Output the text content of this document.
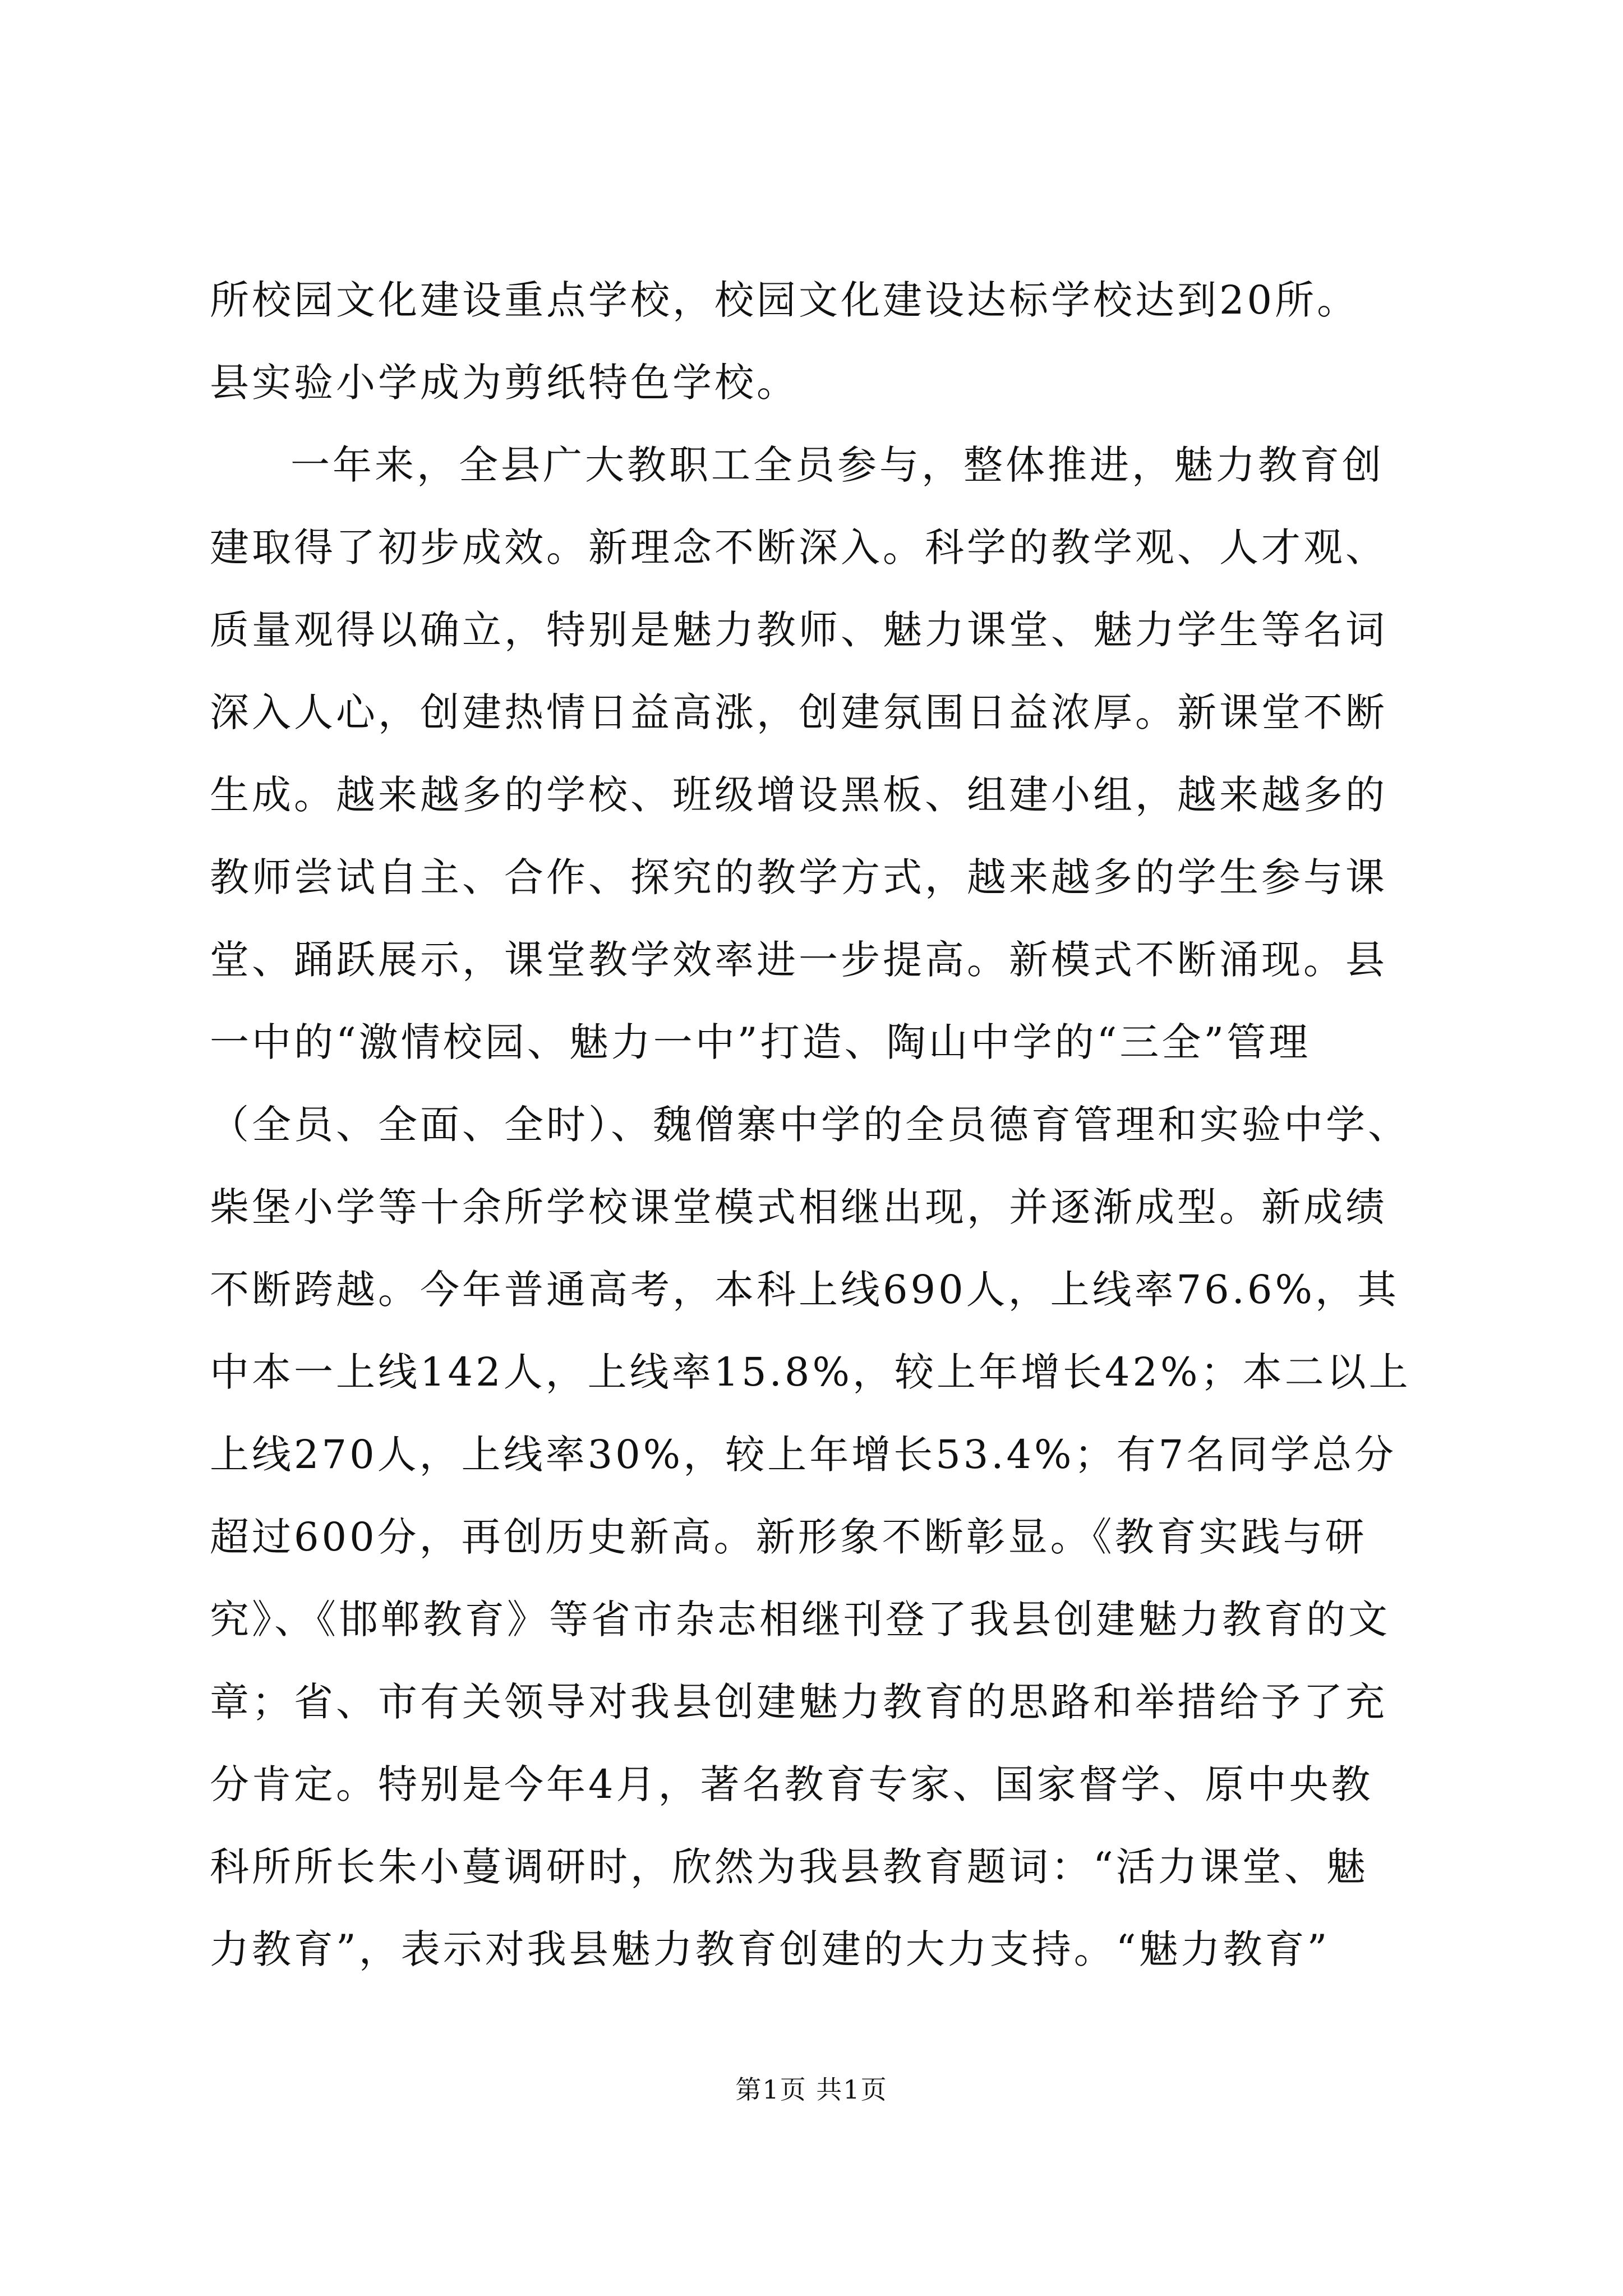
所校园文化建设重点学校，校园文化建设达标学校达到20所。
县实验小学成为剪纸特色学校。
一年来，全县广大教职工全员参与，整体推进，魅力教育创
建取得了初步成效。新理念不断深入。科学的教学观、人才观、
质量观得以确立，特别是魅力教师、魅力课堂、魅力学生等名词
深入人心，创建热情日益高涨，创建氛围日益浓厚。新课堂不断
生成。越来越多的学校、班级增设黑板、组建小组，越来越多的
教师尝试自主、合作、探究的教学方式，越来越多的学生参与课
堂、踊跃展示，课堂教学效率进一步提高。新模式不断涌现。县
一中的“激情校园、魅力一中”打造、陶山中学的“三全”管理
（全员、全面、全时）、魏僧寨中学的全员德育管理和实验中学、
柴堡小学等十余所学校课堂模式相继出现，并逐渐成型。新成绩
不断跨越。今年普通高考，本科上线690人，上线率76.6%，其
中本一上线142人，上线率15.8%，较上年增长42%；本二以上
上线270人，上线率30%，较上年增长53.4%；有7名同学总分
超过600分，再创历史新高。新形象不断彰显。《教育实践与研
究》、《邯郸教育》等省市杂志相继刊登了我县创建魅力教育的文
章；省、市有关领导对我县创建魅力教育的思路和举措给予了充
分肯定。特别是今年4月，著名教育专家、国家督学、原中央教
科所所长朱小蔓调研时，欣然为我县教育题词：“活力课堂、魅
力教育”，表示对我县魅力教育创建的大力支持。“魅力教育”
第1页 共1页
